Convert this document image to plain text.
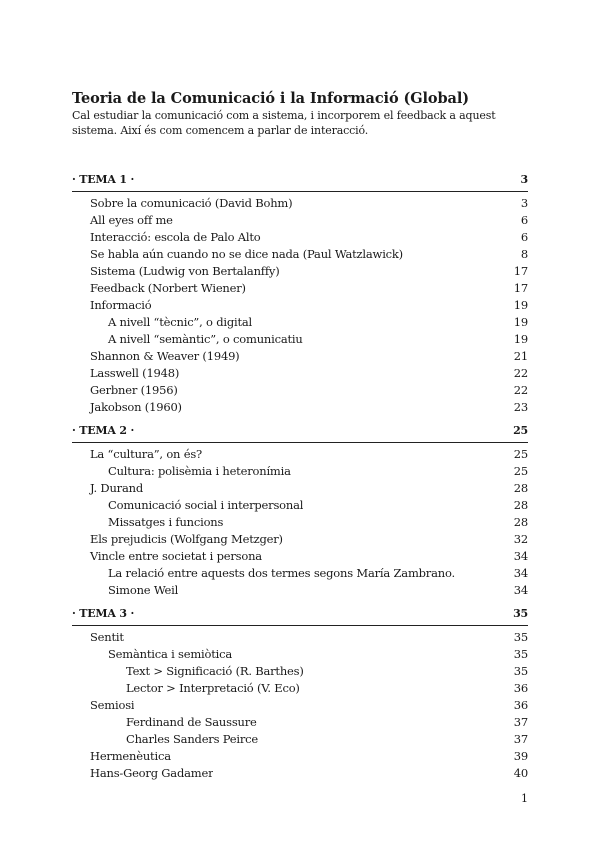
Teoria de la Comunicació i la Informació (Global)
Cal estudiar la comunicació com a sistema, i incorporem el feedback a aquest sistema. Així és com comencem a parlar de interacció.
· TEMA 1 ·	3
Sobre la comunicació (David Bohm)	3
All eyes off me	6
Interacció: escola de Palo Alto	6
Se habla aún cuando no se dice nada (Paul Watzlawick)	8
Sistema (Ludwig von Bertalanffy)	17
Feedback (Norbert Wiener)	17
Informació	19
A nivell “tècnic”, o digital	19
A nivell “semàntic”, o comunicatiu	19
Shannon & Weaver (1949)	21
Lasswell (1948)	22
Gerbner (1956)	22
Jakobson (1960)	23
· TEMA 2 ·	25
La “cultura”, on és?	25
Cultura: polisèmia i heteronímia	25
J. Durand	28
Comunicació social i interpersonal	28
Missatges i funcions	28
Els prejudicis (Wolfgang Metzger)	32
Vincle entre societat i persona	34
La relació entre aquests dos termes segons María Zambrano.	34
Simone Weil	34
· TEMA 3 ·	35
Sentit	35
Semàntica i semiòtica	35
Text > Significació (R. Barthes)	35
Lector > Interpretació (V. Eco)	36
Semiosi	36
Ferdinand de Saussure	37
Charles Sanders Peirce	37
Hermenèutica	39
Hans-Georg Gadamer	40
1
